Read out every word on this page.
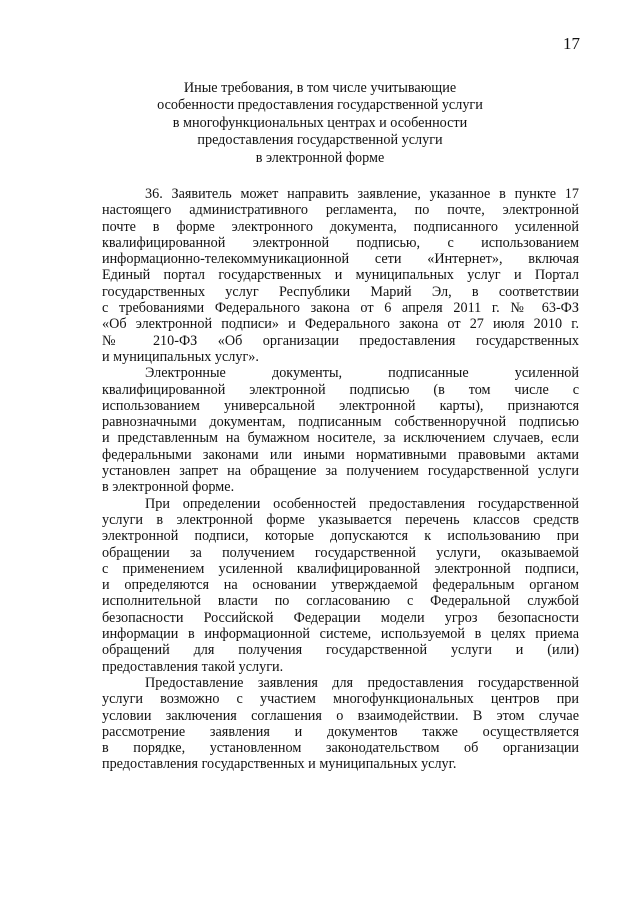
17
Иные требования, в том числе учитывающие
особенности предоставления государственной услуги
в многофункциональных центрах и особенности
предоставления государственной услуги
в электронной форме
36. Заявитель может направить заявление, указанное в пункте 17
настоящего административного регламента, по почте, электронной
почте в форме электронного документа, подписанного усиленной
квалифицированной электронной подписью, с использованием
информационно-телекоммуникационной сети «Интернет», включая
Единый портал государственных и муниципальных услуг и Портал
государственных услуг Республики Марий Эл, в соответствии
с требованиями Федерального закона от 6 апреля 2011 г. № 63-ФЗ
«Об электронной подписи» и Федерального закона от 27 июля 2010 г.
№ 210-ФЗ «Об организации предоставления государственных
и муниципальных услуг».
Электронные документы, подписанные усиленной
квалифицированной электронной подписью (в том числе с
использованием универсальной электронной карты), признаются
равнозначными документам, подписанным собственноручной подписью
и представленным на бумажном носителе, за исключением случаев, если
федеральными законами или иными нормативными правовыми актами
установлен запрет на обращение за получением государственной услуги
в электронной форме.
При определении особенностей предоставления государственной
услуги в электронной форме указывается перечень классов средств
электронной подписи, которые допускаются к использованию при
обращении за получением государственной услуги, оказываемой
с применением усиленной квалифицированной электронной подписи,
и определяются на основании утверждаемой федеральным органом
исполнительной власти по согласованию с Федеральной службой
безопасности Российской Федерации модели угроз безопасности
информации в информационной системе, используемой в целях приема
обращений для получения государственной услуги и (или)
предоставления такой услуги.
Предоставление заявления для предоставления государственной
услуги возможно с участием многофункциональных центров при
условии заключения соглашения о взаимодействии. В этом случае
рассмотрение заявления и документов также осуществляется
в порядке, установленном законодательством об организации
предоставления государственных и муниципальных услуг.
